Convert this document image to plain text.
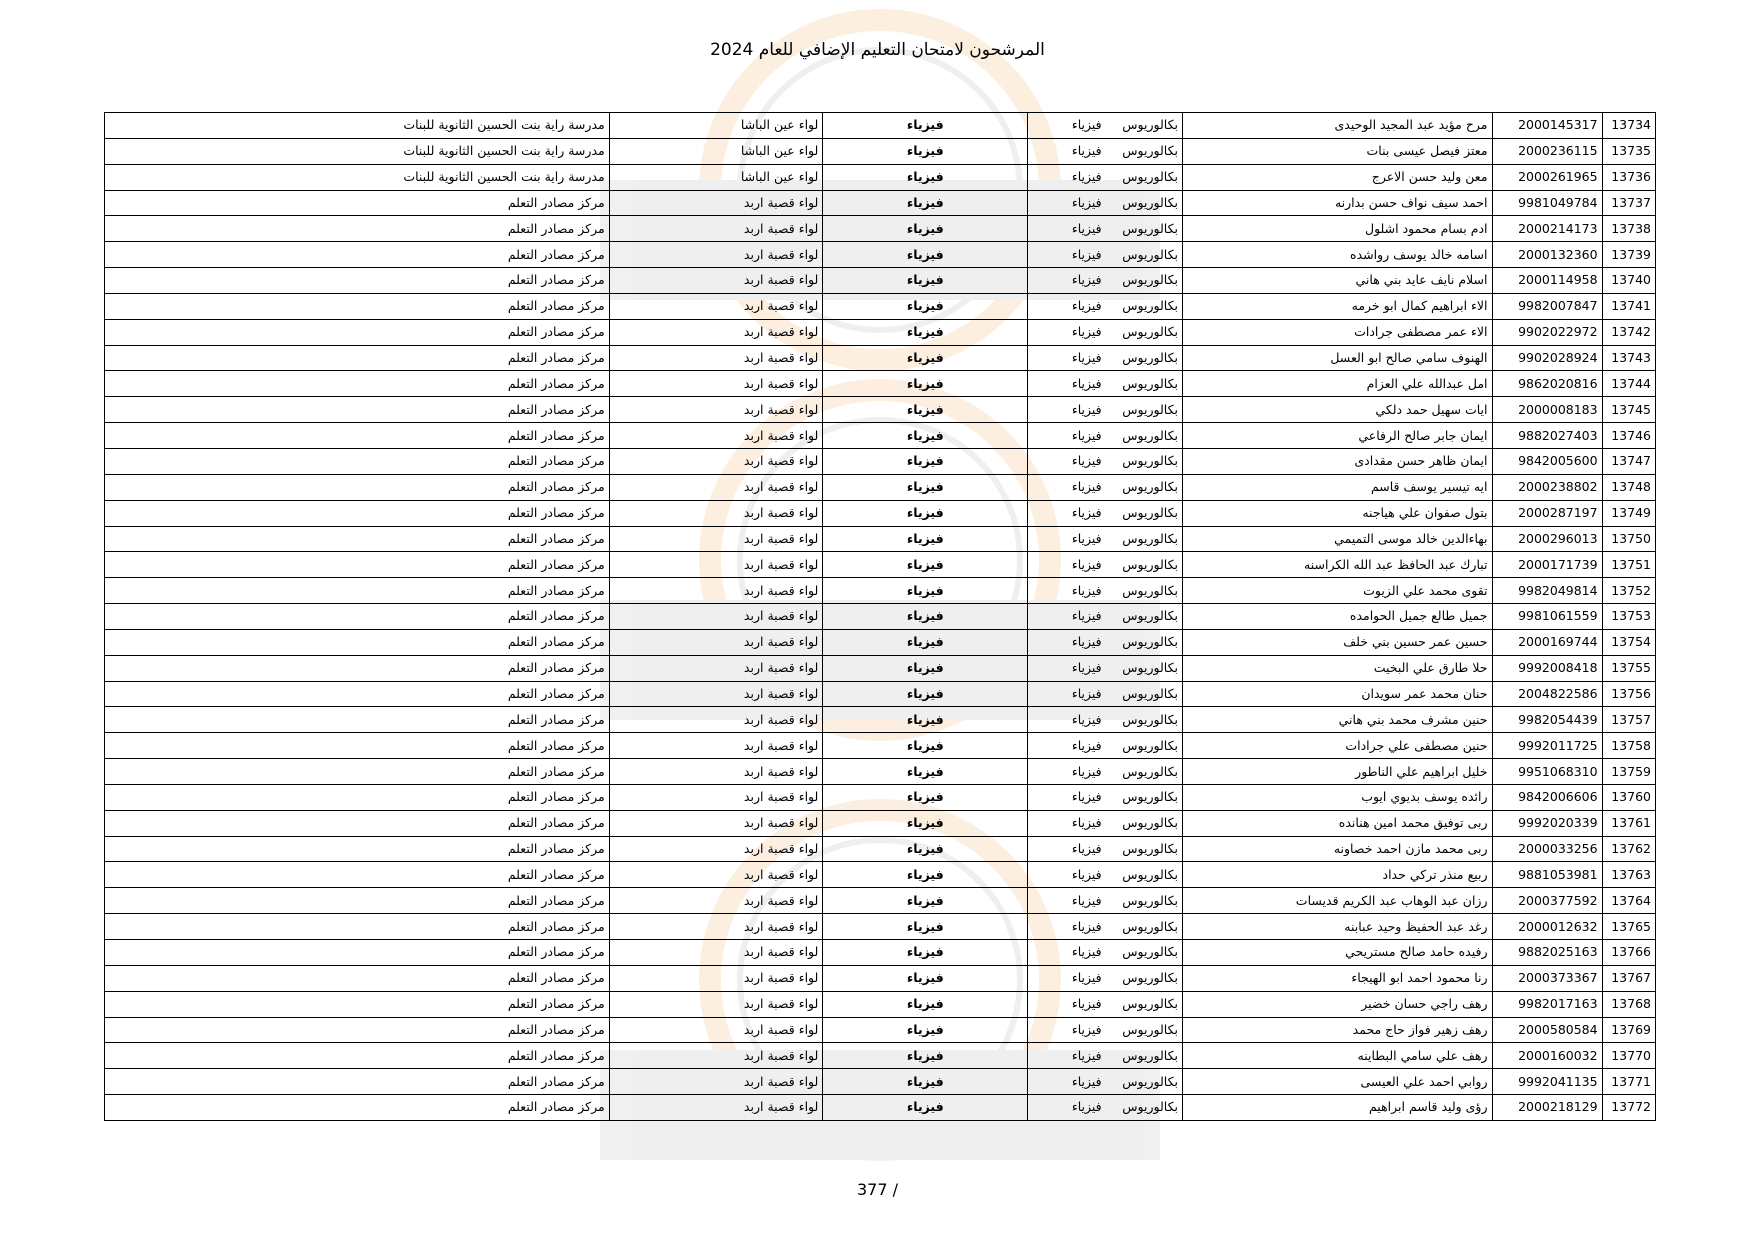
المرشحون لامتحان التعليم الإضافي للعام 2024
13734	2000145317	مرح مؤيد عبد المجيد الوحيدى	بكالوريوس	فيزياء	فيزياء	لواء عين الباشا	مدرسة راية بنت الحسين الثانوية للبنات
13735	2000236115	معتز فيصل عيسى بنات	بكالوريوس	فيزياء	فيزياء	لواء عين الباشا	مدرسة راية بنت الحسين الثانوية للبنات
13736	2000261965	معن وليد حسن الاعرج	بكالوريوس	فيزياء	فيزياء	لواء عين الباشا	مدرسة راية بنت الحسين الثانوية للبنات
13737	9981049784	احمد سيف نواف حسن بدارنه	بكالوريوس	فيزياء	فيزياء	لواء قصبة اربد	مركز مصادر التعلم
13738	2000214173	ادم بسام محمود اشلول	بكالوريوس	فيزياء	فيزياء	لواء قصبة اربد	مركز مصادر التعلم
13739	2000132360	اسامه خالد يوسف رواشده	بكالوريوس	فيزياء	فيزياء	لواء قصبة اربد	مركز مصادر التعلم
13740	2000114958	اسلام نايف عايد بني هاني	بكالوريوس	فيزياء	فيزياء	لواء قصبة اربد	مركز مصادر التعلم
13741	9982007847	الاء ابراهيم كمال ابو خرمه	بكالوريوس	فيزياء	فيزياء	لواء قصبة اربد	مركز مصادر التعلم
13742	9902022972	الاء عمر مصطفى جرادات	بكالوريوس	فيزياء	فيزياء	لواء قصبة اربد	مركز مصادر التعلم
13743	9902028924	الهنوف سامي صالح ابو العسل	بكالوريوس	فيزياء	فيزياء	لواء قصبة اربد	مركز مصادر التعلم
13744	9862020816	امل عبدالله علي العزام	بكالوريوس	فيزياء	فيزياء	لواء قصبة اربد	مركز مصادر التعلم
13745	2000008183	ايات سهيل حمد دلكي	بكالوريوس	فيزياء	فيزياء	لواء قصبة اربد	مركز مصادر التعلم
13746	9882027403	ايمان جابر صالح الرفاعي	بكالوريوس	فيزياء	فيزياء	لواء قصبة اربد	مركز مصادر التعلم
13747	9842005600	ايمان ظاهر حسن مقدادى	بكالوريوس	فيزياء	فيزياء	لواء قصبة اربد	مركز مصادر التعلم
13748	2000238802	ايه تيسير يوسف قاسم	بكالوريوس	فيزياء	فيزياء	لواء قصبة اربد	مركز مصادر التعلم
13749	2000287197	بتول صفوان علي هياجنه	بكالوريوس	فيزياء	فيزياء	لواء قصبة اربد	مركز مصادر التعلم
13750	2000296013	بهاءالدين خالد موسى التميمي	بكالوريوس	فيزياء	فيزياء	لواء قصبة اربد	مركز مصادر التعلم
13751	2000171739	تبارك عبد الحافظ عبد الله الكراسنه	بكالوريوس	فيزياء	فيزياء	لواء قصبة اربد	مركز مصادر التعلم
13752	9982049814	تقوى محمد علي الزيوت	بكالوريوس	فيزياء	فيزياء	لواء قصبة اربد	مركز مصادر التعلم
13753	9981061559	جميل طالع جميل الحوامده	بكالوريوس	فيزياء	فيزياء	لواء قصبة اربد	مركز مصادر التعلم
13754	2000169744	حسين عمر حسين بني خلف	بكالوريوس	فيزياء	فيزياء	لواء قصبة اربد	مركز مصادر التعلم
13755	9992008418	حلا طارق علي البخيت	بكالوريوس	فيزياء	فيزياء	لواء قصبة اربد	مركز مصادر التعلم
13756	2004822586	حنان محمد عمر سويدان	بكالوريوس	فيزياء	فيزياء	لواء قصبة اربد	مركز مصادر التعلم
13757	9982054439	حنين مشرف محمد بني هاني	بكالوريوس	فيزياء	فيزياء	لواء قصبة اربد	مركز مصادر التعلم
13758	9992011725	حنين مصطفى علي جرادات	بكالوريوس	فيزياء	فيزياء	لواء قصبة اربد	مركز مصادر التعلم
13759	9951068310	خليل ابراهيم علي الناطور	بكالوريوس	فيزياء	فيزياء	لواء قصبة اربد	مركز مصادر التعلم
13760	9842006606	رائده يوسف بديوي ايوب	بكالوريوس	فيزياء	فيزياء	لواء قصبة اربد	مركز مصادر التعلم
13761	9992020339	ربى توفيق محمد امين هنانده	بكالوريوس	فيزياء	فيزياء	لواء قصبة اربد	مركز مصادر التعلم
13762	2000033256	ربى محمد مازن احمد خصاونه	بكالوريوس	فيزياء	فيزياء	لواء قصبة اربد	مركز مصادر التعلم
13763	9881053981	ربيع منذر تركي حداد	بكالوريوس	فيزياء	فيزياء	لواء قصبة اربد	مركز مصادر التعلم
13764	2000377592	رزان عبد الوهاب عبد الكريم قديسات	بكالوريوس	فيزياء	فيزياء	لواء قصبة اربد	مركز مصادر التعلم
13765	2000012632	رغد عبد الحفيظ وحيد عبابنه	بكالوريوس	فيزياء	فيزياء	لواء قصبة اربد	مركز مصادر التعلم
13766	9882025163	رفيده حامد صالح مستريحي	بكالوريوس	فيزياء	فيزياء	لواء قصبة اربد	مركز مصادر التعلم
13767	2000373367	رنا محمود احمد ابو الهيجاء	بكالوريوس	فيزياء	فيزياء	لواء قصبة اربد	مركز مصادر التعلم
13768	9982017163	رهف راجي حسان خضير	بكالوريوس	فيزياء	فيزياء	لواء قصبة اربد	مركز مصادر التعلم
13769	2000580584	رهف زهير فواز حاج محمد	بكالوريوس	فيزياء	فيزياء	لواء قصبة اربد	مركز مصادر التعلم
13770	2000160032	رهف علي سامي البطاينه	بكالوريوس	فيزياء	فيزياء	لواء قصبة اربد	مركز مصادر التعلم
13771	9992041135	روابي احمد علي العيسى	بكالوريوس	فيزياء	فيزياء	لواء قصبة اربد	مركز مصادر التعلم
13772	2000218129	رؤى وليد قاسم ابراهيم	بكالوريوس	فيزياء	فيزياء	لواء قصبة اربد	مركز مصادر التعلم
377 /
